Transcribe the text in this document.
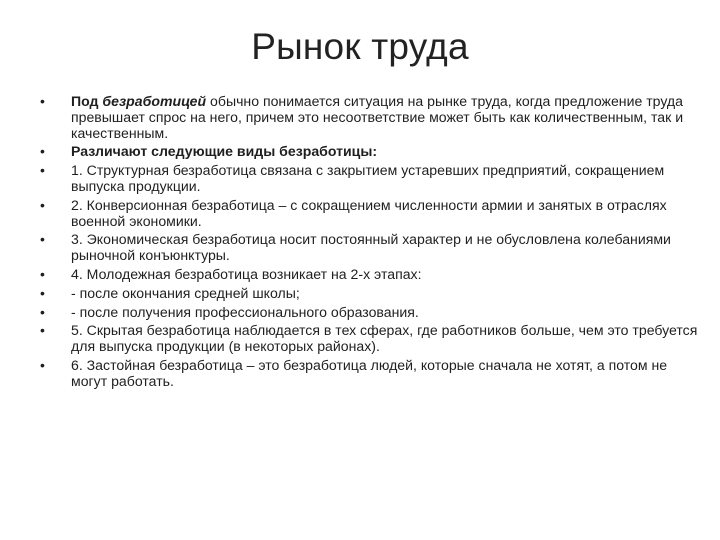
Рынок труда
•
Под безработицей обычно понимается ситуация на рынке труда, когда предложение труда превышает спрос на него, причем это несоответствие может быть как количественным, так и качественным.
•
Различают следующие виды безработицы:
•
1. Структурная безработица связана с закрытием устаревших предприятий, сокращением выпуска продукции.
•
2. Конверсионная безработица – с сокращением численности армии и занятых в отраслях военной экономики.
•
3. Экономическая безработица носит постоянный характер и не обусловлена колебаниями рыночной конъюнктуры.
•
4. Молодежная безработица возникает на 2-х этапах:
•
- после окончания средней школы;
•
- после получения профессионального образования.
•
5. Скрытая безработица наблюдается в тех сферах, где работников больше, чем это требуется для выпуска продукции (в некоторых районах).
•
6. Застойная безработица – это безработица людей, которые сначала не хотят, а потом не могут работать.
